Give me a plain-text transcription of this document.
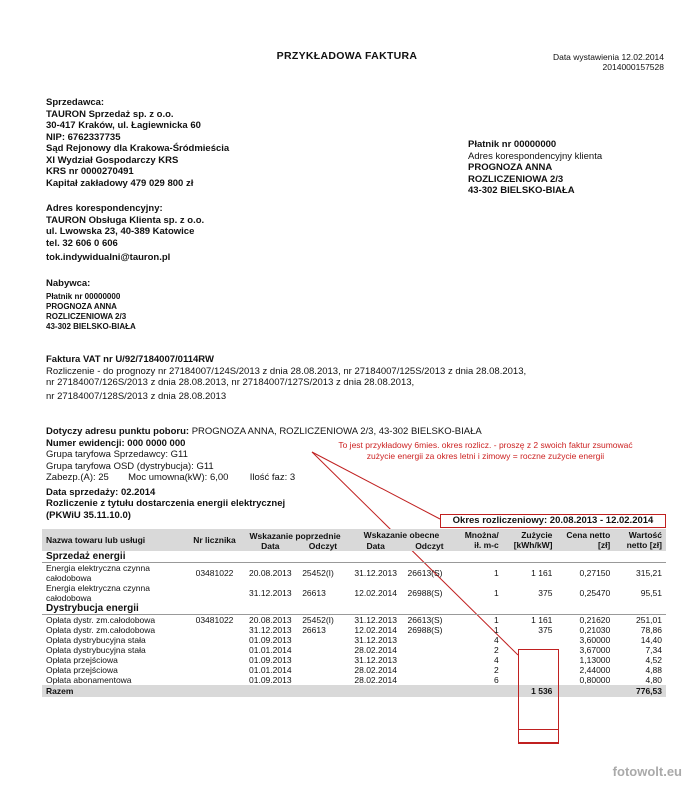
PRZYKŁADOWA FAKTURA	Data wystawienia 12.02.2014
2014000157528
Sprzedawca:
TAURON Sprzedaż sp. z o.o.
30-417 Kraków, ul. Łagiewnicka 60
NIP: 6762337735
Sąd Rejonowy dla Krakowa-Śródmieścia
XI Wydział Gospodarczy KRS
KRS nr 0000270491
Kapitał zakładowy 479 029 800 zł
Płatnik nr 00000000
Adres korespondencyjny klienta
PROGNOZA ANNA
ROZLICZENIOWA 2/3
43-302 BIELSKO-BIAŁA
Adres korespondencyjny:
TAURON Obsługa Klienta sp. z o.o.
ul. Lwowska 23, 40-389 Katowice
tel. 32 606 0 606
tok.indywidualni@tauron.pl
Nabywca:
Płatnik nr 00000000
PROGNOZA ANNA
ROZLICZENIOWA 2/3
43-302 BIELSKO-BIAŁA
Faktura VAT nr U/92/7184007/0114RW
Rozliczenie - do prognozy nr 27184007/124S/2013 z dnia 28.08.2013, nr 27184007/125S/2013 z dnia 28.08.2013,
nr 27184007/126S/2013 z dnia 28.08.2013, nr 27184007/127S/2013 z dnia 28.08.2013,
nr 27184007/128S/2013 z dnia 28.08.2013
Dotyczy adresu punktu poboru: PROGNOZA ANNA, ROZLICZENIOWA 2/3, 43-302 BIELSKO-BIAŁA
Numer ewidencji: 000 0000 000
Grupa taryfowa Sprzedawcy: G11
Grupa taryfowa OSD (dystrybucja): G11
Zabezp.(A): 25 Moc umowna(kW): 6,00 Ilość faz: 3
Data sprzedaży: 02.2014
Rozliczenie z tytułu dostarczenia energii elektrycznej
(PKWiU 35.11.10.0)
To jest przykładowy 6mies. okres rozlicz. - proszę z 2 swoich faktur zsumować
zużycie energii za okres letni i zimowy = roczne zużycie energii
Okres rozliczeniowy: 20.08.2013 - 12.02.2014
Nazwa towaru lub usługi	Nr licznika	Wskazanie poprzednie		Wskazanie obecne		Mnożna/ ił. m-c	Zużycie [kWh/kW]	Cena netto [zł]	Wartość netto [zł]
		Data	Odczyt	Data	Odczyt				
Sprzedaż energii									
Energia elektryczna czynna całodobowa	03481022	20.08.2013	25452(I)	31.12.2013	26613(S)	1	1 161	0,27150	315,21
Energia elektryczna czynna całodobowa		31.12.2013	26613	12.02.2014	26988(S)	1	375	0,25470	95,51
Dystrybucja energii									
Opłata dystr. zm.całodobowa	03481022	20.08.2013	25452(I)	31.12.2013	26613(S)	1	1 161	0,21620	251,01
Opłata dystr. zm.całodobowa		31.12.2013	26613	12.02.2014	26988(S)	1	375	0,21030	78,86
Opłata dystrybucyjna stała		01.09.2013		31.12.2013		4		3,60000	14,40
Opłata dystrybucyjna stała		01.01.2014		28.02.2014		2		3,67000	7,34
Opłata przejściowa		01.09.2013		31.12.2013		4		1,13000	4,52
Opłata przejściowa		01.01.2014		28.02.2014		2		2,44000	4,88
Opłata abonamentowa		01.09.2013		28.02.2014		6		0,80000	4,80
Razem							1 536		776,53
fotowolt.eu
